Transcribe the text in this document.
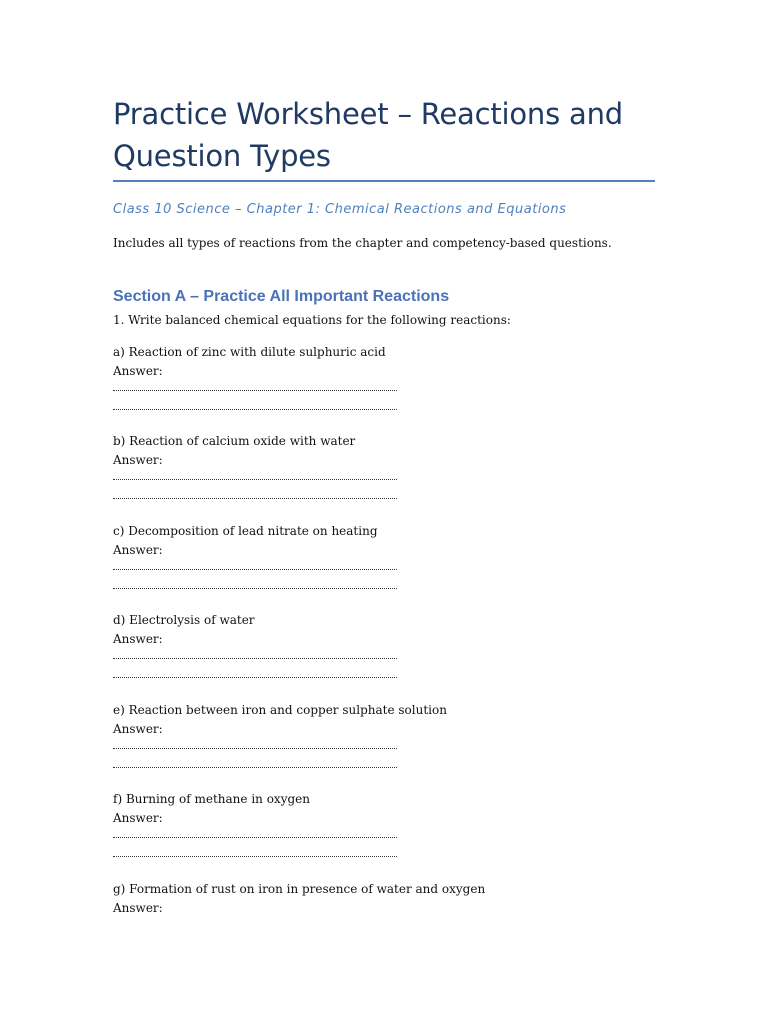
Practice Worksheet – Reactions and Question Types
Class 10 Science – Chapter 1: Chemical Reactions and Equations
Includes all types of reactions from the chapter and competency-based questions.
Section A – Practice All Important Reactions
1. Write balanced chemical equations for the following reactions:
a) Reaction of zinc with dilute sulphuric acid
Answer:
b) Reaction of calcium oxide with water
Answer:
c) Decomposition of lead nitrate on heating
Answer:
d) Electrolysis of water
Answer:
e) Reaction between iron and copper sulphate solution
Answer:
f) Burning of methane in oxygen
Answer:
g) Formation of rust on iron in presence of water and oxygen
Answer:
